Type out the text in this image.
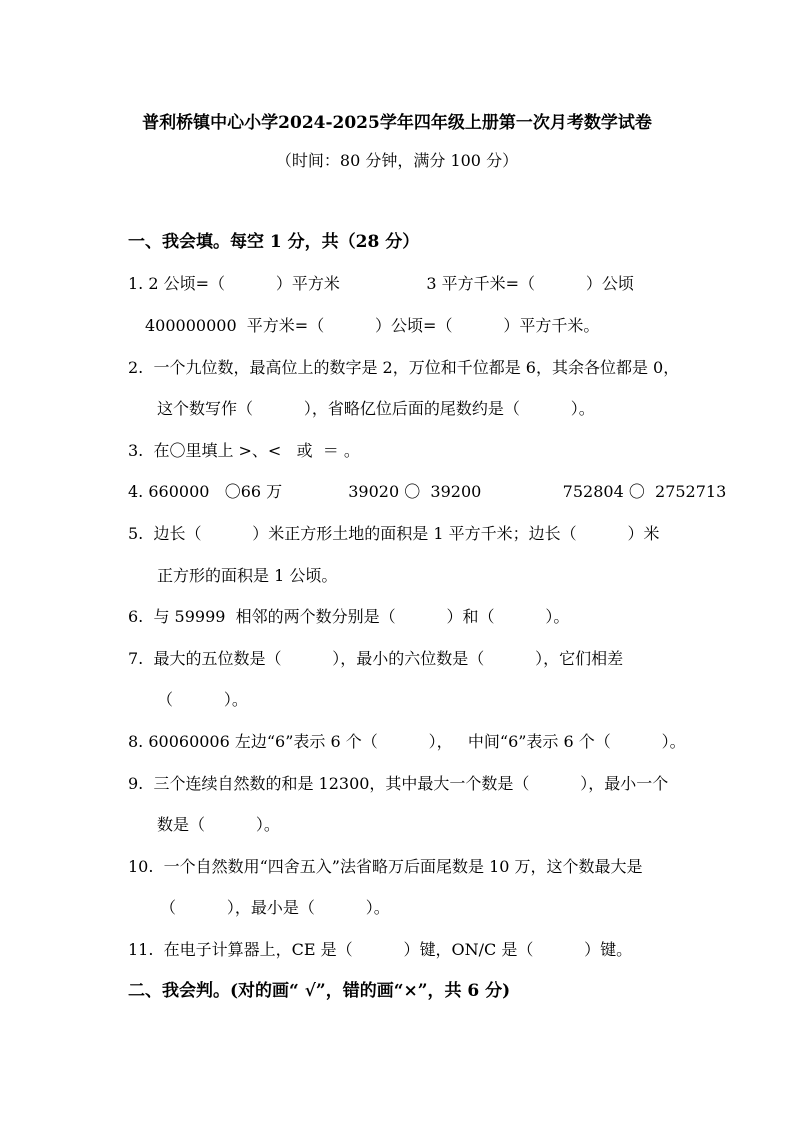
普利桥镇中心小学2024-2025学年四年级上册第一次月考数学试卷
（时间：80 分钟，满分 100 分）
一、我会填。每空 1 分，共（28 分）
1. 2 公顷=（          ）平方米                 3 平方千米=（          ）公顷
400000000  平方米=（          ）公顷=（          ）平方千米。
2.  一个九位数，最高位上的数字是 2，万位和千位都是 6，其余各位都是 0，
这个数写作（          ），省略亿位后面的尾数约是（          ）。
3.  在〇里填上 >、<   或  ＝ 。
4. 660000   〇66 万             39020 〇  39200                752804 〇  2752713
5.  边长（          ）米正方形土地的面积是 1 平方千米；边长（          ）米
正方形的面积是 1 公顷。
6.  与 59999  相邻的两个数分别是（          ）和（          ）。
7.  最大的五位数是（          ），最小的六位数是（          ），它们相差
（          ）。
8. 60060006 左边“6”表示 6 个（          ），   中间“6”表示 6 个（          ）。
9.  三个连续自然数的和是 12300，其中最大一个数是（          ），最小一个
数是（          ）。
10.  一个自然数用“四舍五入”法省略万后面尾数是 10 万，这个数最大是
（          ），最小是（          ）。
11.  在电子计算器上，CE 是（          ）键，ON/C 是（          ）键。
二、我会判。(对的画“ √”，错的画“×”，共 6 分)
